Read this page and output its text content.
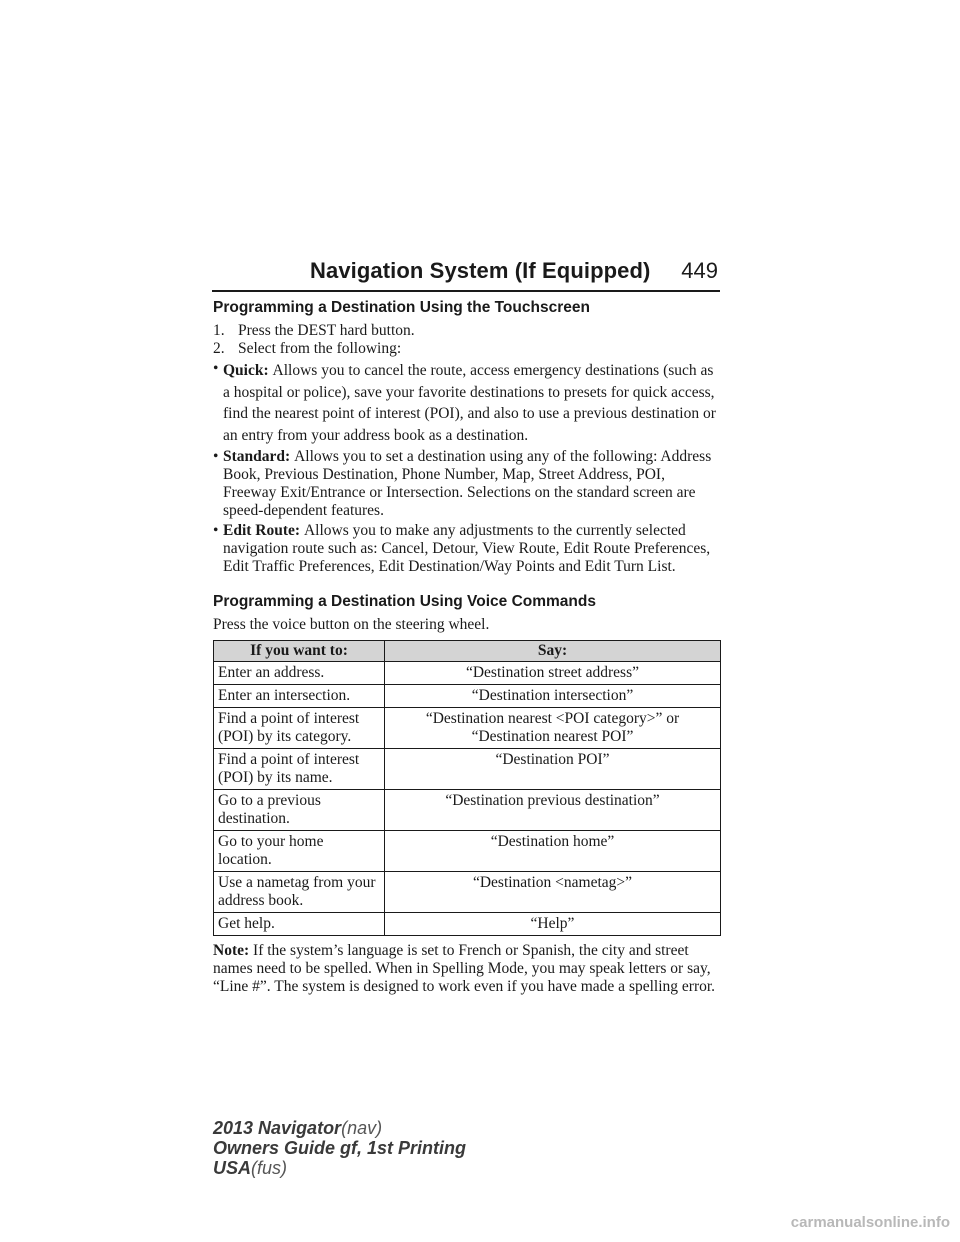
Navigation System (If Equipped) 449
Programming a Destination Using the Touchscreen
1. Press the DEST hard button.
2. Select from the following:
• Quick: Allows you to cancel the route, access emergency destinations (such as a hospital or police), save your favorite destinations to presets for quick access, find the nearest point of interest (POI), and also to use a previous destination or an entry from your address book as a destination.
• Standard: Allows you to set a destination using any of the following: Address Book, Previous Destination, Phone Number, Map, Street Address, POI, Freeway Exit/Entrance or Intersection. Selections on the standard screen are speed-dependent features.
• Edit Route: Allows you to make any adjustments to the currently selected navigation route such as: Cancel, Detour, View Route, Edit Route Preferences, Edit Traffic Preferences, Edit Destination/Way Points and Edit Turn List.
Programming a Destination Using Voice Commands
Press the voice button on the steering wheel.
If you want to:	Say:
Enter an address.	“Destination street address”
Enter an intersection.	“Destination intersection”
Find a point of interest (POI) by its category.	“Destination nearest <POI category>” or “Destination nearest POI”
Find a point of interest (POI) by its name.	“Destination POI”
Go to a previous destination.	“Destination previous destination”
Go to your home location.	“Destination home”
Use a nametag from your address book.	“Destination <nametag>”
Get help.	“Help”
Note: If the system’s language is set to French or Spanish, the city and street names need to be spelled. When in Spelling Mode, you may speak letters or say, “Line #”. The system is designed to work even if you have made a spelling error.
2013 Navigator(nav)
Owners Guide gf, 1st Printing
USA(fus)
carmanualsonline.info
